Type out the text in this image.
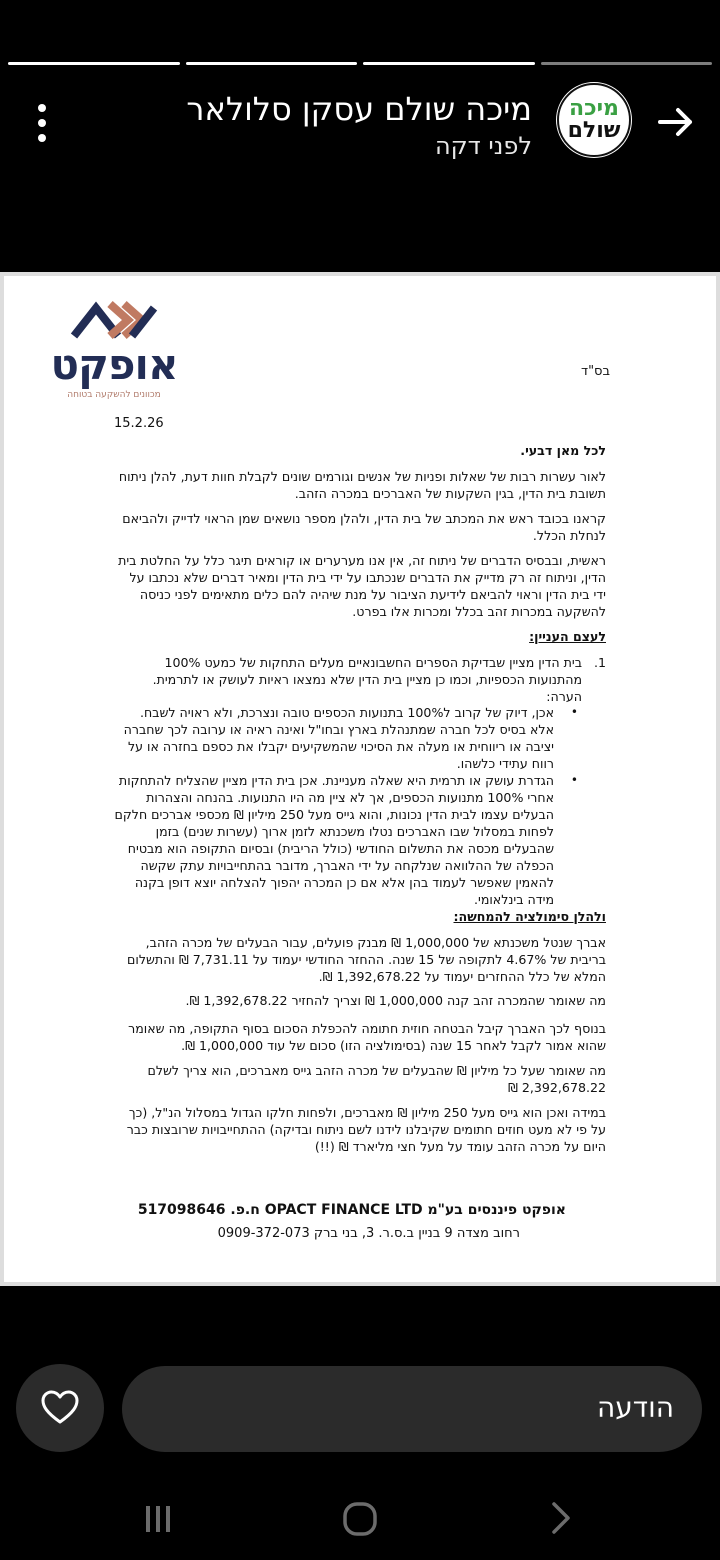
מיכה שולם עסקן סלולאר
לפני דקה
מיכה
שולם
אופקט
מכוונים להשקעה בטוחה
בס"ד
15.2.26
לכל מאן דבעי.
לאור עשרות רבות של שאלות ופניות של אנשים וגורמים שונים לקבלת חוות דעת, להלן ניתוח תשובת בית הדין, בגין השקעות של האברכים במכרה הזהב.
קראנו בכובד ראש את המכתב של בית הדין, ולהלן מספר נושאים שמן הראוי לדייק ולהביאם לנחלת הכלל.
ראשית, ובבסיס הדברים של ניתוח זה, אין אנו מערערים או קוראים תיגר כלל על החלטת בית הדין, וניתוח זה רק מדייק את הדברים שנכתבו על ידי בית הדין ומאיר דברים שלא נכתבו על ידי בית הדין וראוי להביאם לידיעת הציבור על מנת שיהיה להם כלים מתאימים לפני כניסה להשקעה במכרות זהב בכלל ומכרות אלו בפרט.
לעצם העניין:
1.
בית הדין מציין שבדיקת הספרים החשבונאיים מעלים התחקות של כמעט 100% מהתנועות הכספיות, וכמו כן מציין בית הדין שלא נמצאו ראיות לעושק או לתרמית.
הערה:
•
אכן, דיוק של קרוב ל100% בתנועות הכספים טובה ונצרכת, ולא ראויה לשבח. אלא בסיס לכל חברה שמתנהלת בארץ ובחו"ל ואינה ראיה או ערובה לכך שחברה יציבה או ריווחית או מעלה את הסיכוי שהמשקיעים יקבלו את כספם בחזרה או על רווח עתידי כלשהו.
•
הגדרת עושק או תרמית היא שאלה מעניינת. אכן בית הדין מציין שהצליח להתחקות אחרי 100% מתנועות הכספים, אך לא ציין מה היו התנועות. בהנחה והצהרות הבעלים עצמו לבית הדין נכונות, והוא גייס מעל 250 מיליון ₪ מכספי אברכים חלקם לפחות במסלול שבו האברכים נטלו משכנתא לזמן ארוך (עשרות שנים) בזמן שהבעלים מכסה את התשלום החודשי (כולל הריבית) ובסיום התקופה הוא מבטיח הכפלה של ההלוואה שנלקחה על ידי האברך, מדובר בהתחייבויות עתק שקשה להאמין שאפשר לעמוד בהן אלא אם כן המכרה יהפוך להצלחה יוצא דופן בקנה מידה בינלאומי.
ולהלן סימולציה להמחשה:
אברך שנטל משכנתא של 1,000,000 ₪ מבנק פועלים, עבור הבעלים של מכרה הזהב, בריבית של 4.67% לתקופה של 15 שנה. ההחזר החודשי יעמוד על 7,731.11 ₪ והתשלום המלא של כלל ההחזרים יעמוד על 1,392,678.22 ₪.
מה שאומר שהמכרה זהב קנה 1,000,000 ₪ וצריך להחזיר 1,392,678.22 ₪.
בנוסף לכך האברך קיבל הבטחה חוזית חתומה להכפלת הסכום בסוף התקופה, מה שאומר שהוא אמור לקבל לאחר 15 שנה (בסימולציה הזו) סכום של עוד 1,000,000 ₪.
מה שאומר שעל כל מיליון ₪ שהבעלים של מכרה הזהב גייס מאברכים, הוא צריך לשלם 2,392,678.22 ₪
במידה ואכן הוא גייס מעל 250 מיליון ₪ מאברכים, ולפחות חלקו הגדול במסלול הנ"ל, (כך על פי לא מעט חוזים חתומים שקיבלנו לידנו לשם ניתוח ובדיקה) ההתחייבויות שרובצות כבר היום על מכרה הזהב עומד על מעל חצי מליארד ₪ (!!)
אופקט פיננסים בע"מ OPACT FINANCE LTD ח.פ. 517098646
רחוב מצדה 9 בניין ב.ס.ר. 3, בני ברק 0909-372-073
הודעה
